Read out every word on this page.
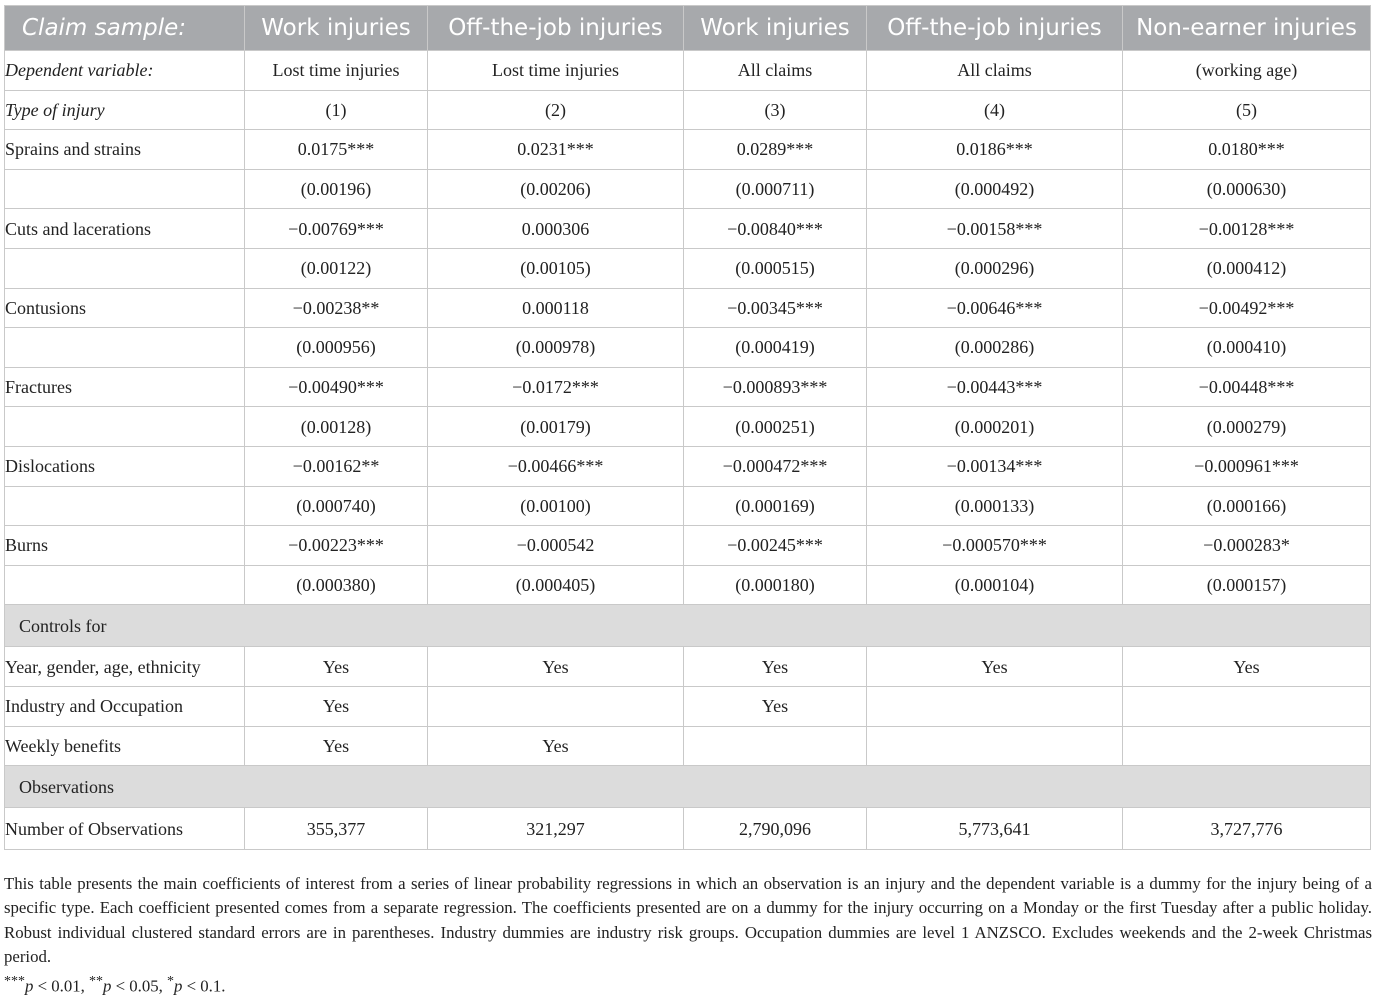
Claim sample:	Work injuries	Off-the-job injuries	Work injuries	Off-the-job injuries	Non-earner injuries
Dependent variable:	Lost time injuries	Lost time injuries	All claims	All claims	(working age)
Type of injury	(1)	(2)	(3)	(4)	(5)
Sprains and strains	0.0175***	0.0231***	0.0289***	0.0186***	0.0180***
	(0.00196)	(0.00206)	(0.000711)	(0.000492)	(0.000630)
Cuts and lacerations	−0.00769***	0.000306	−0.00840***	−0.00158***	−0.00128***
	(0.00122)	(0.00105)	(0.000515)	(0.000296)	(0.000412)
Contusions	−0.00238**	0.000118	−0.00345***	−0.00646***	−0.00492***
	(0.000956)	(0.000978)	(0.000419)	(0.000286)	(0.000410)
Fractures	−0.00490***	−0.0172***	−0.000893***	−0.00443***	−0.00448***
	(0.00128)	(0.00179)	(0.000251)	(0.000201)	(0.000279)
Dislocations	−0.00162**	−0.00466***	−0.000472***	−0.00134***	−0.000961***
	(0.000740)	(0.00100)	(0.000169)	(0.000133)	(0.000166)
Burns	−0.00223***	−0.000542	−0.00245***	−0.000570***	−0.000283*
	(0.000380)	(0.000405)	(0.000180)	(0.000104)	(0.000157)
Controls for					
Year, gender, age, ethnicity	Yes	Yes	Yes	Yes	Yes
Industry and Occupation	Yes		Yes		
Weekly benefits	Yes	Yes			
Observations					
Number of Observations	355,377	321,297	2,790,096	5,773,641	3,727,776
This table presents the main coefficients of interest from a series of linear probability regressions in which an observation is an injury and the dependent variable is a dummy for the injury being of a specific type. Each coefficient presented comes from a separate regression. The coefficients presented are on a dummy for the injury occurring on a Monday or the first Tuesday after a public holiday. Robust individual clustered standard errors are in parentheses. Industry dummies are industry risk groups. Occupation dummies are level 1 ANZSCO. Excludes weekends and the 2-week Christmas period.
***p < 0.01, **p < 0.05, *p < 0.1.
